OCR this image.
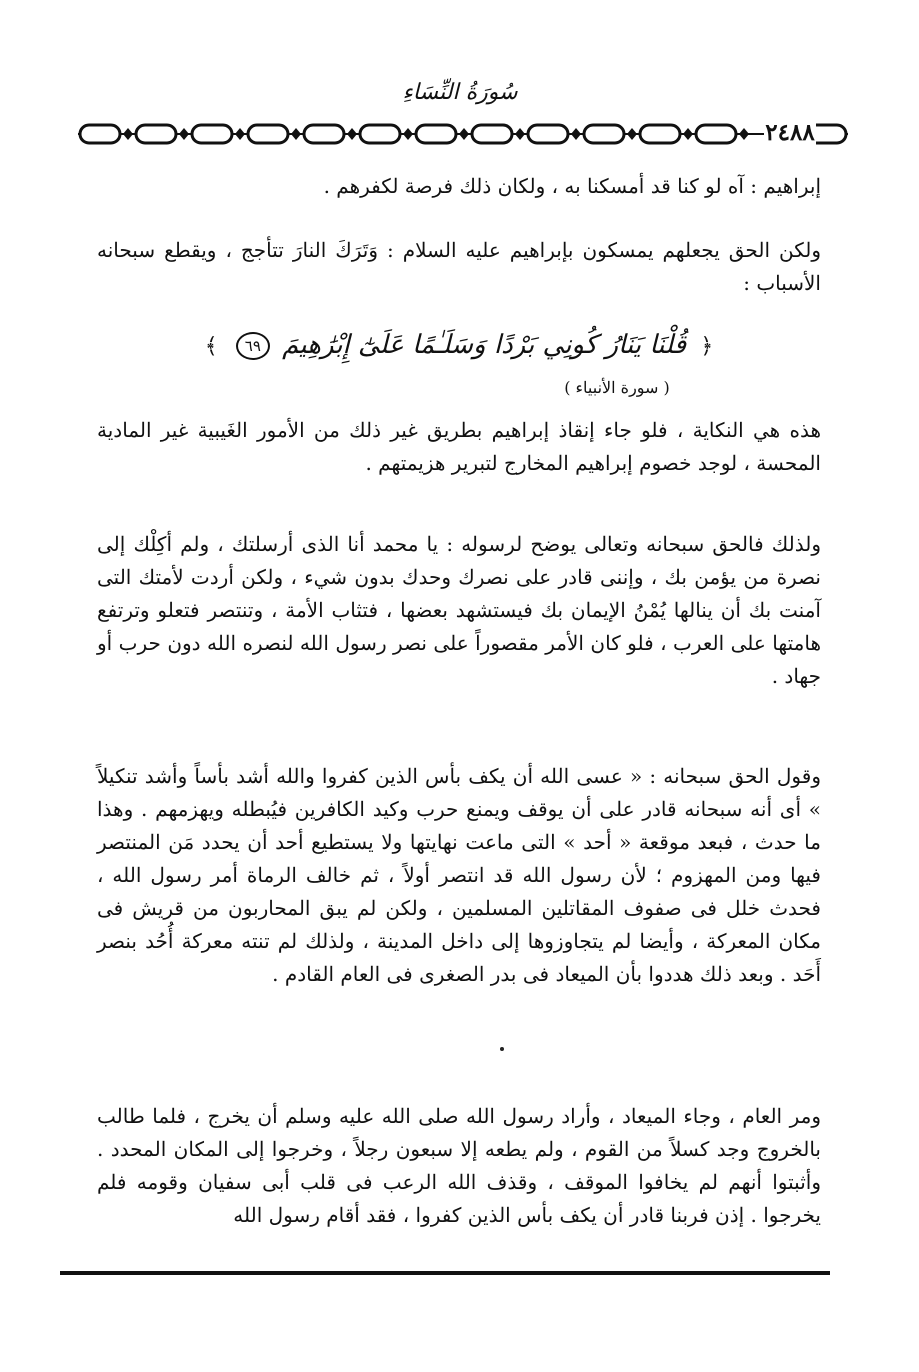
سُورَةُ النِّسَاءِ
٢٤٨٨

إبراهيم : آه لو كنا قد أمسكنا به ، ولكان ذلك فرصة لكفرهم .

ولكن الحق يجعلهم يمسكون بإبراهيم عليه السلام : وَتَرَكَ النارَ تتأجج ، ويقطع سبحانه الأسباب :

﴿ قُلْنَا يَنَارُ كُونِي بَرْدًا وَسَلَـٰمًا عَلَىٰٓ إِبْرَٰهِيمَ ٦٩ ﴾
( سورة الأنبياء )

هذه هي النكاية ، فلو جاء إنقاذ إبراهيم بطريق غير ذلك من الأمور الغَيبية غير المادية المحسة ، لوجد خصوم إبراهيم المخارج لتبرير هزيمتهم .

ولذلك فالحق سبحانه وتعالى يوضح لرسوله : يا محمد أنا الذى أرسلتك ، ولم أكِلْك إلى نصرة من يؤمن بك ، وإننى قادر على نصرك وحدك بدون شيء ، ولكن أردت لأمتك التى آمنت بك أن ينالها يُمْنُ الإيمان بك فيستشهد بعضها ، فتثاب الأمة ، وتنتصر فتعلو وترتفع هامتها على العرب ، فلو كان الأمر مقصوراً على نصر رسول الله لنصره الله دون حرب أو جهاد .

وقول الحق سبحانه : « عسى الله أن يكف بأس الذين كفروا والله أشد بأساً وأشد تنكيلاً » أى أنه سبحانه قادر على أن يوقف ويمنع حرب وكيد الكافرين فيُبطله ويهزمهم . وهذا ما حدث ، فبعد موقعة « أحد » التى ماعت نهايتها ولا يستطيع أحد أن يحدد مَن المنتصر فيها ومن المهزوم ؛ لأن رسول الله قد انتصر أولاً ، ثم خالف الرماة أمر رسول الله ، فحدث خلل فى صفوف المقاتلين المسلمين ، ولكن لم يبق المحاربون من قريش فى مكان المعركة ، وأيضا لم يتجاوزوها إلى داخل المدينة ، ولذلك لم تنته معركة أُحُد بنصر أَحَد . وبعد ذلك هددوا بأن الميعاد فى بدر الصغرى فى العام القادم .

ومر العام ، وجاء الميعاد ، وأراد رسول الله صلى الله عليه وسلم أن يخرج ، فلما طالب بالخروج وجد كسلاً من القوم ، ولم يطعه إلا سبعون رجلاً ، وخرجوا إلى المكان المحدد . وأثبتوا أنهم لم يخافوا الموقف ، وقذف الله الرعب فى قلب أبى سفيان وقومه فلم يخرجوا . إذن فربنا قادر أن يكف بأس الذين كفروا ، فقد أقام رسول الله
